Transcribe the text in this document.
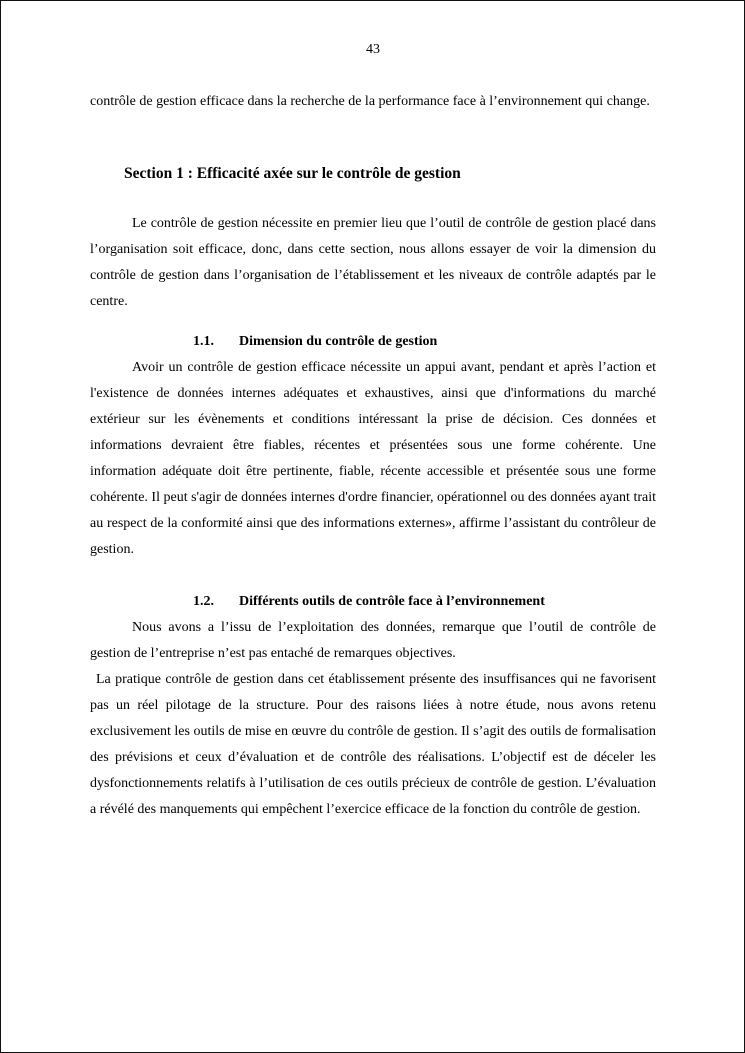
43

contrôle de gestion efficace dans la recherche de la performance face à l’environnement qui change.

Section 1 : Efficacité axée sur le contrôle de gestion

Le contrôle de gestion nécessite en premier lieu que l’outil de contrôle de gestion placé dans l’organisation soit efficace, donc, dans cette section, nous allons essayer de voir la dimension du contrôle de gestion dans l’organisation de l’établissement et les niveaux de contrôle adaptés par le centre.

1.1. Dimension du contrôle de gestion

Avoir un contrôle de gestion efficace nécessite un appui avant, pendant et après l’action et l'existence de données internes adéquates et exhaustives, ainsi que d'informations du marché extérieur sur les évènements et conditions intéressant la prise de décision. Ces données et informations devraient être fiables, récentes et présentées sous une forme cohérente. Une information adéquate doit être pertinente, fiable, récente accessible et présentée sous une forme cohérente. Il peut s'agir de données internes d'ordre financier, opérationnel ou des données ayant trait au respect de la conformité ainsi que des informations externes», affirme l’assistant du contrôleur de gestion.

1.2. Différents outils de contrôle face à l’environnement

Nous avons a l’issu de l’exploitation des données, remarque que l’outil de contrôle de gestion de l’entreprise n’est pas entaché de remarques objectives.

La pratique contrôle de gestion dans cet établissement présente des insuffisances qui ne favorisent pas un réel pilotage de la structure. Pour des raisons liées à notre étude, nous avons retenu exclusivement les outils de mise en œuvre du contrôle de gestion. Il s’agit des outils de formalisation des prévisions et ceux d’évaluation et de contrôle des réalisations. L’objectif est de déceler les dysfonctionnements relatifs à l’utilisation de ces outils précieux de contrôle de gestion. L’évaluation a révélé des manquements qui empêchent l’exercice efficace de la fonction du contrôle de gestion.
